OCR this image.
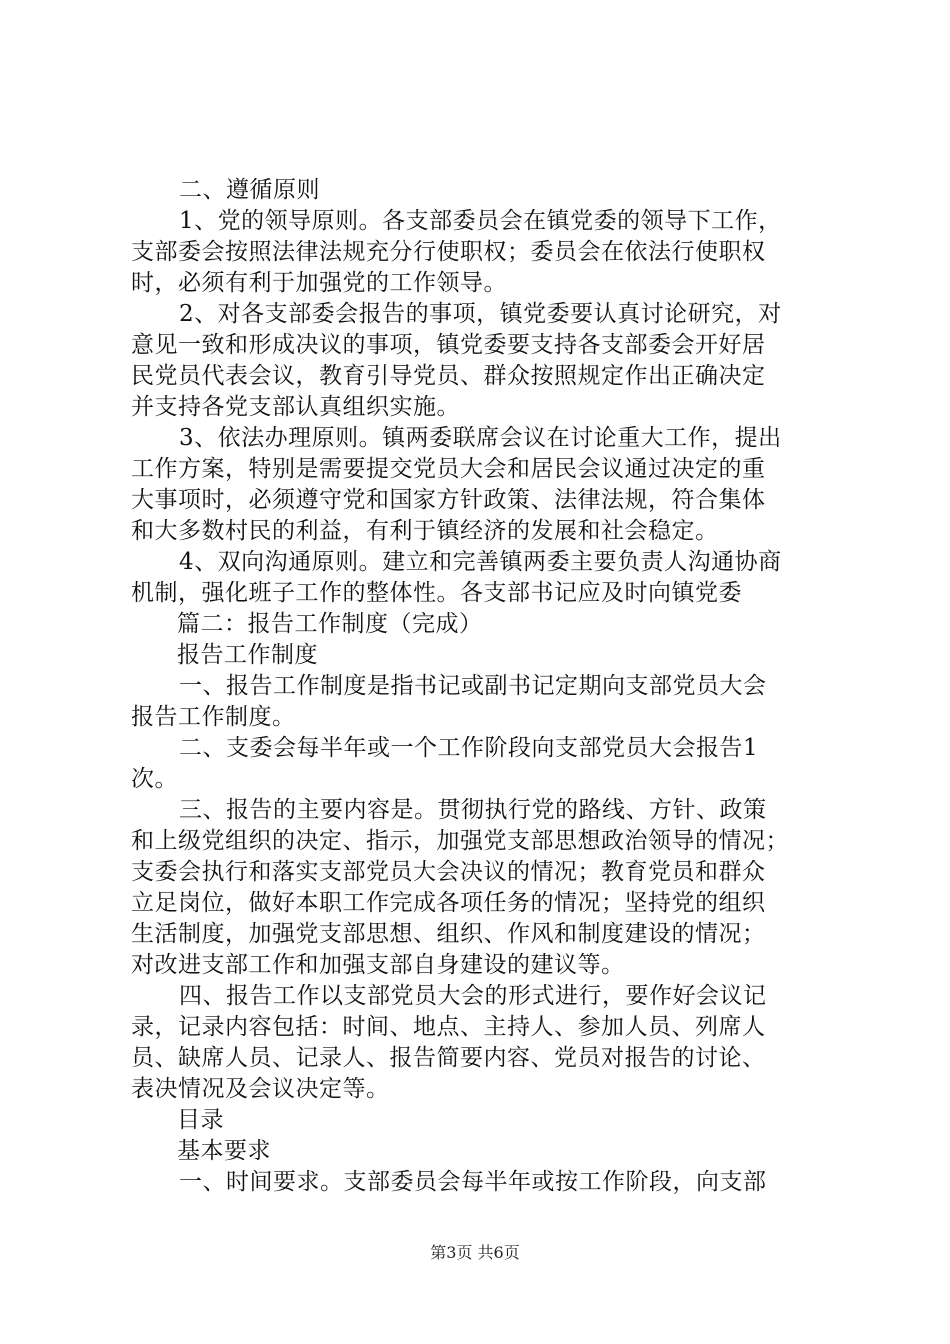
二、遵循原则
1、党的领导原则。各支部委员会在镇党委的领导下工作，
支部委会按照法律法规充分行使职权；委员会在依法行使职权
时，必须有利于加强党的工作领导。
2、对各支部委会报告的事项，镇党委要认真讨论研究，对
意见一致和形成决议的事项，镇党委要支持各支部委会开好居
民党员代表会议，教育引导党员、群众按照规定作出正确决定
并支持各党支部认真组织实施。
3、依法办理原则。镇两委联席会议在讨论重大工作，提出
工作方案，特别是需要提交党员大会和居民会议通过决定的重
大事项时，必须遵守党和国家方针政策、法律法规，符合集体
和大多数村民的利益，有利于镇经济的发展和社会稳定。
4、双向沟通原则。建立和完善镇两委主要负责人沟通协商
机制，强化班子工作的整体性。各支部书记应及时向镇党委
篇二：报告工作制度（完成）
报告工作制度
一、报告工作制度是指书记或副书记定期向支部党员大会
报告工作制度。
二、支委会每半年或一个工作阶段向支部党员大会报告1
次。
三、报告的主要内容是。贯彻执行党的路线、方针、政策
和上级党组织的决定、指示，加强党支部思想政治领导的情况；
支委会执行和落实支部党员大会决议的情况；教育党员和群众
立足岗位，做好本职工作完成各项任务的情况；坚持党的组织
生活制度，加强党支部思想、组织、作风和制度建设的情况；
对改进支部工作和加强支部自身建设的建议等。
四、报告工作以支部党员大会的形式进行，要作好会议记
录，记录内容包括：时间、地点、主持人、参加人员、列席人
员、缺席人员、记录人、报告简要内容、党员对报告的讨论、
表决情况及会议决定等。
目录
基本要求
一、时间要求。支部委员会每半年或按工作阶段，向支部
第3页 共6页
